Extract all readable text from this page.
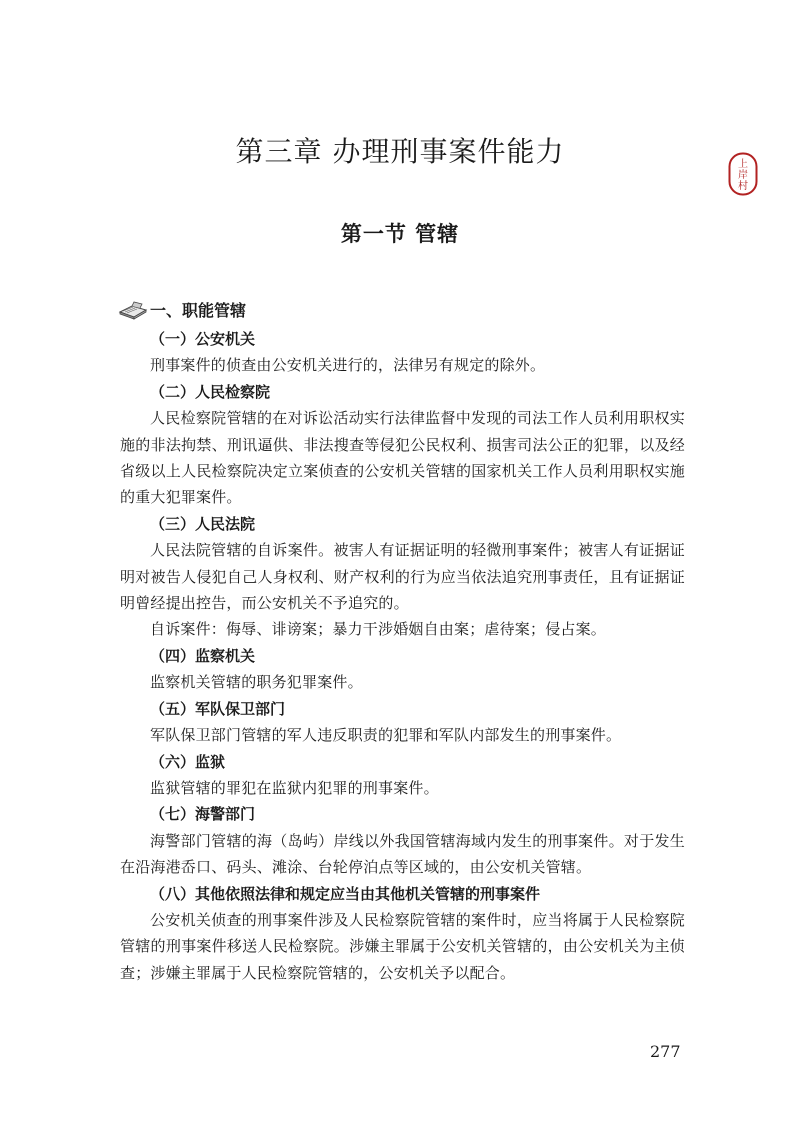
第三章 办理刑事案件能力	上
岸
村
第一节 管辖
一、职能管辖

（一）公安机关

刑事案件的侦查由公安机关进行的，法律另有规定的除外。

（二）人民检察院

人民检察院管辖的在对诉讼活动实行法律监督中发现的司法工作人员利用职权实施的非法拘禁、刑讯逼供、非法搜查等侵犯公民权利、损害司法公正的犯罪，以及经省级以上人民检察院决定立案侦查的公安机关管辖的国家机关工作人员利用职权实施的重大犯罪案件。

（三）人民法院

人民法院管辖的自诉案件。被害人有证据证明的轻微刑事案件；被害人有证据证明对被告人侵犯自己人身权利、财产权利的行为应当依法追究刑事责任，且有证据证明曾经提出控告，而公安机关不予追究的。

自诉案件：侮辱、诽谤案；暴力干涉婚姻自由案；虐待案；侵占案。

（四）监察机关

监察机关管辖的职务犯罪案件。

（五）军队保卫部门

军队保卫部门管辖的军人违反职责的犯罪和军队内部发生的刑事案件。

（六）监狱

监狱管辖的罪犯在监狱内犯罪的刑事案件。

（七）海警部门

海警部门管辖的海（岛屿）岸线以外我国管辖海域内发生的刑事案件。对于发生在沿海港岙口、码头、滩涂、台轮停泊点等区域的，由公安机关管辖。

（八）其他依照法律和规定应当由其他机关管辖的刑事案件

公安机关侦查的刑事案件涉及人民检察院管辖的案件时，应当将属于人民检察院管辖的刑事案件移送人民检察院。涉嫌主罪属于公安机关管辖的，由公安机关为主侦查；涉嫌主罪属于人民检察院管辖的，公安机关予以配合。

277
